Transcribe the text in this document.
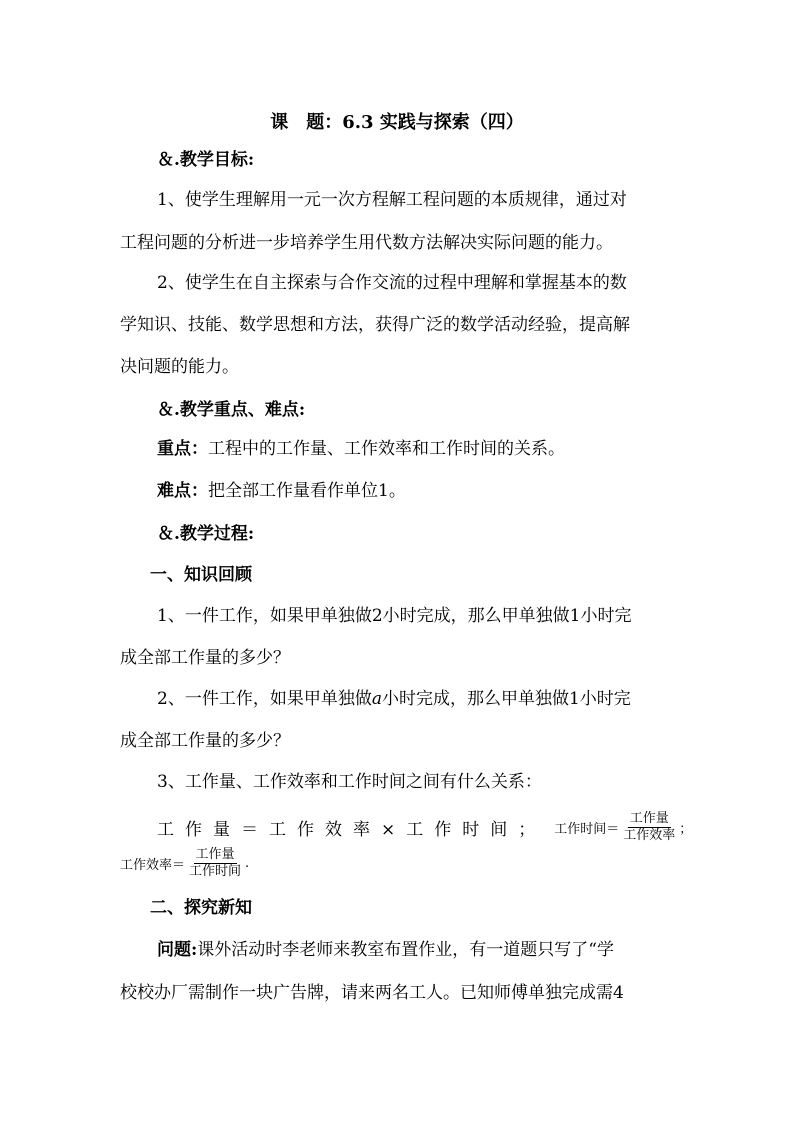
课　题：6.3 实践与探索（四）
＆.教学目标:
1、使学生理解用一元一次方程解工程问题的本质规律，通过对
工程问题的分析进一步培养学生用代数方法解决实际问题的能力。
2、使学生在自主探索与合作交流的过程中理解和掌握基本的数
学知识、技能、数学思想和方法，获得广泛的数学活动经验，提高解
决问题的能力。
＆.教学重点、难点:
重点：工程中的工作量、工作效率和工作时间的关系。
难点：把全部工作量看作单位1。
＆.教学过程:
一、知识回顾
1、一件工作，如果甲单独做2小时完成，那么甲单独做1小时完
成全部工作量的多少？
2、一件工作，如果甲单独做a小时完成，那么甲单独做1小时完
成全部工作量的多少？
3、工作量、工作效率和工作时间之间有什么关系：
工作量＝工作效率×工作时间； 工作时间＝ $\frac{\text{工作量}}{\text{工作效率}}$ ；
工作效率＝ $\frac{\text{工作量}}{\text{工作时间}}$ .
二、探究新知
问题:课外活动时李老师来教室布置作业，有一道题只写了“学
校校办厂需制作一块广告牌，请来两名工人。已知师傅单独完成需4
